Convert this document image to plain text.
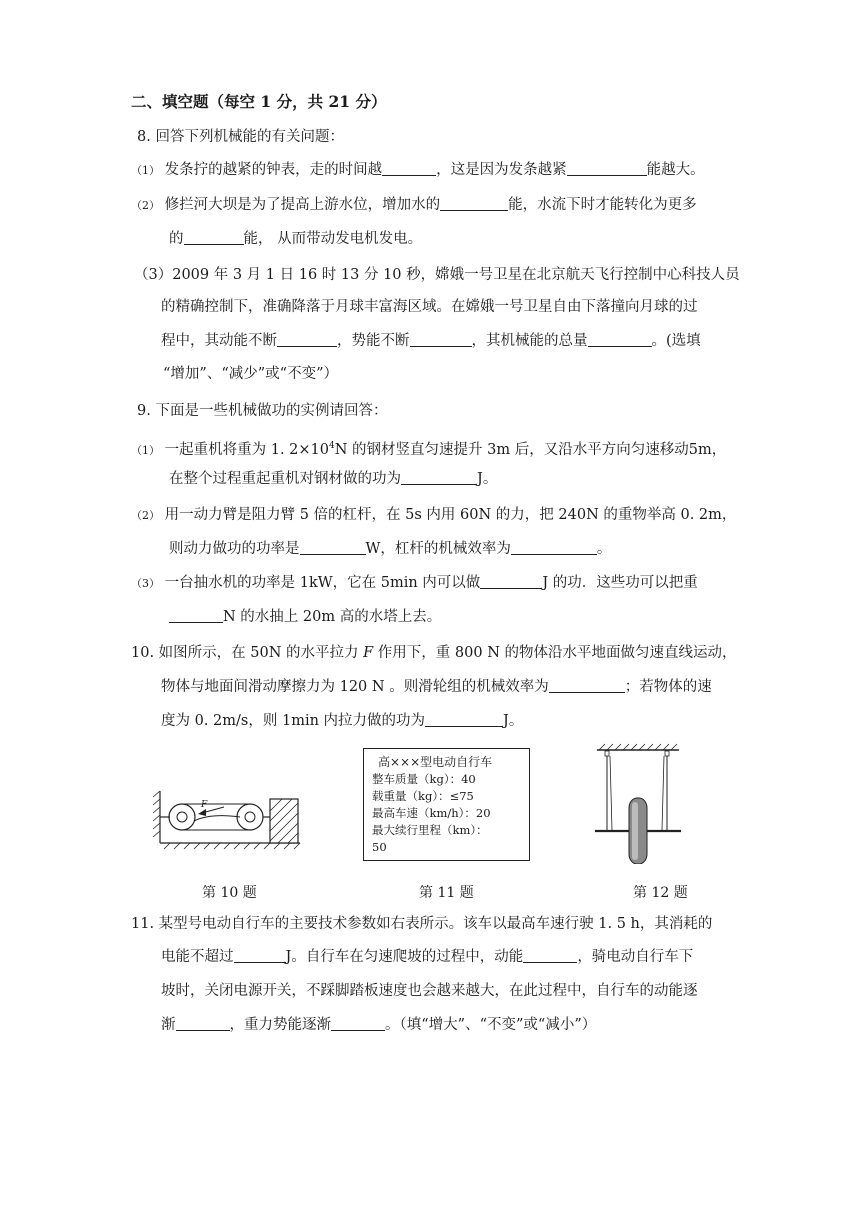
二、填空题（每空 1 分，共 21 分）
8. 回答下列机械能的有关问题：
（1） 发条拧的越紧的钟表，走的时间越	，这是因为发条越紧	能越大。
（2） 修拦河大坝是为了提高上游水位，增加水的	能，水流下时才能转化为更多
的	能， 从而带动发电机发电。
（3）2009 年 3 月 1 日 16 时 13 分 10 秒，嫦娥一号卫星在北京航天飞行控制中心科技人员
的精确控制下，准确降落于月球丰富海区域。在嫦娥一号卫星自由下落撞向月球的过
程中，其动能不断	，势能不断	，其机械能的总量	。(选填
“增加”、“减少”或“不变”）
9. 下面是一些机械做功的实例请回答：
（1） 一起重机将重为 1. $2\times 10^4N$ 的钢材竖直匀速提升 3m 后，又沿水平方向匀速移动5m，
在整个过程重起重机对钢材做的功为	J。
（2） 用一动力臂是阻力臂 5 倍的杠杆，在 5s 内用 60N 的力，把 240N 的重物举高 0. 2m，
则动力做功的功率是	W，杠杆的机械效率为	。
（3） 一台抽水机的功率是 1kW，它在 5min 内可以做	J 的功．这些功可以把重
N 的水抽上 20m 高的水塔上去。
10. 如图所示，在 50N 的水平拉力 F 作用下，重 800 N 的物体沿水平地面做匀速直线运动，
物体与地面间滑动摩擦力为 120 N 。则滑轮组的机械效率为	；若物体的速
度为 0. 2m/s，则 1min 内拉力做的功为	J。
F
高×××型电动自行车
整车质量（kg）：40
载重量（kg）：≤75
最高车速（km/h）：20
最大续行里程（km）：
50
第 10 题	第 11 题	第 12 题
11. 某型号电动自行车的主要技术参数如右表所示。该车以最高车速行驶 1. 5 h，其消耗的
电能不超过	J。自行车在匀速爬坡的过程中，动能	，骑电动自行车下
坡时，关闭电源开关，不踩脚踏板速度也会越来越大，在此过程中，自行车的动能逐
渐	，重力势能逐渐	。（填“增大”、“不变”或“减小”）
